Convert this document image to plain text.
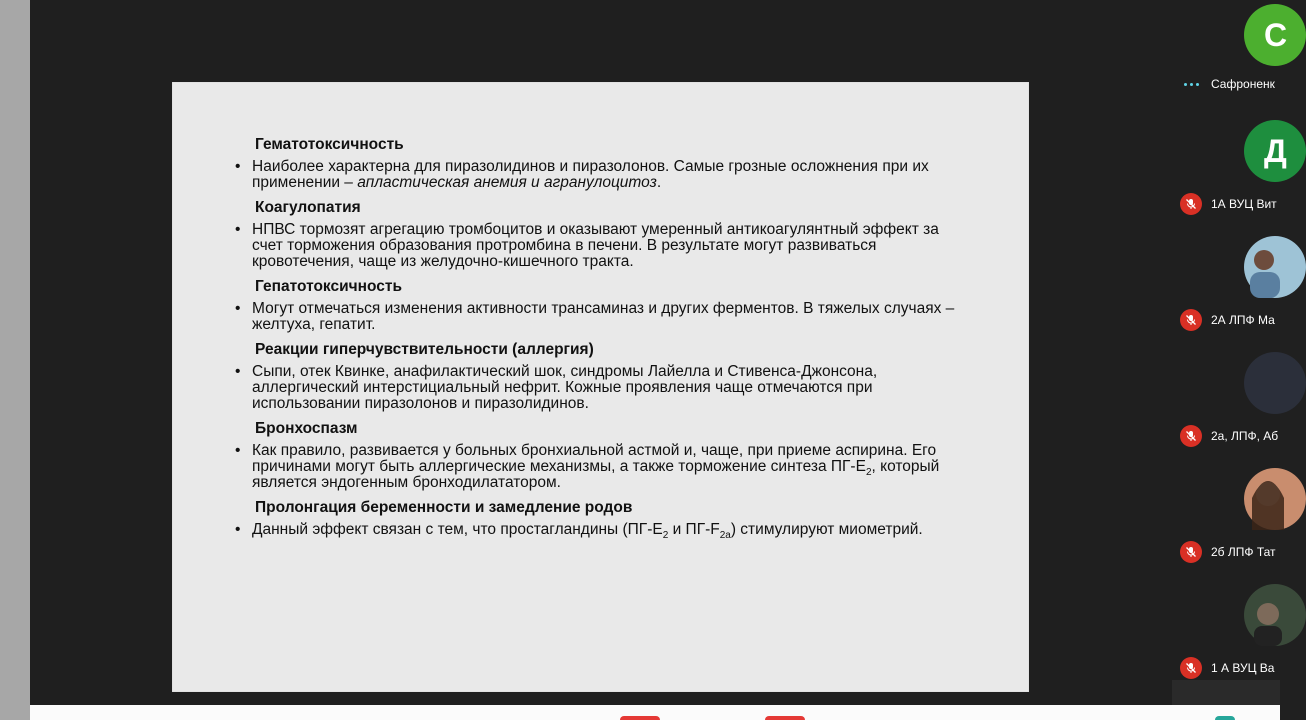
Гематотоксичность
• Наиболее характерна для пиразолидинов и пиразолонов. Самые грозные осложнения при их применении – апластическая анемия и агранулоцитоз.
Коагулопатия
• НПВС тормозят агрегацию тромбоцитов и оказывают умеренный антикоагулянтный эффект за счет торможения образования протромбина в печени. В результате могут развиваться кровотечения, чаще из желудочно-кишечного тракта.
Гепатотоксичность
• Могут отмечаться изменения активности трансаминаз и других ферментов. В тяжелых случаях – желтуха, гепатит.
Реакции гиперчувствительности (аллергия)
• Сыпи, отек Квинке, анафилактический шок, синдромы Лайелла и Стивенса-Джонсона, аллергический интерстициальный нефрит. Кожные проявления чаще отмечаются при использовании пиразолонов и пиразолидинов.
Бронхоспазм
• Как правило, развивается у больных бронхиальной астмой и, чаще, при приеме аспирина. Его причинами могут быть аллергические механизмы, а также торможение синтеза $ПГ-Е_2$, который является эндогенным бронходилататором.
Пролонгация беременности и замедление родов
• Данный эффект связан с тем, что простагландины ($ПГ-Е_2$ и $ПГ-F_{2a}$) стимулируют миометрий.
С
Сафроненк
Д
1А ВУЦ Вит
2А ЛПФ Ма
2а, ЛПФ, Аб
2б ЛПФ Тат
1 А ВУЦ Ва
